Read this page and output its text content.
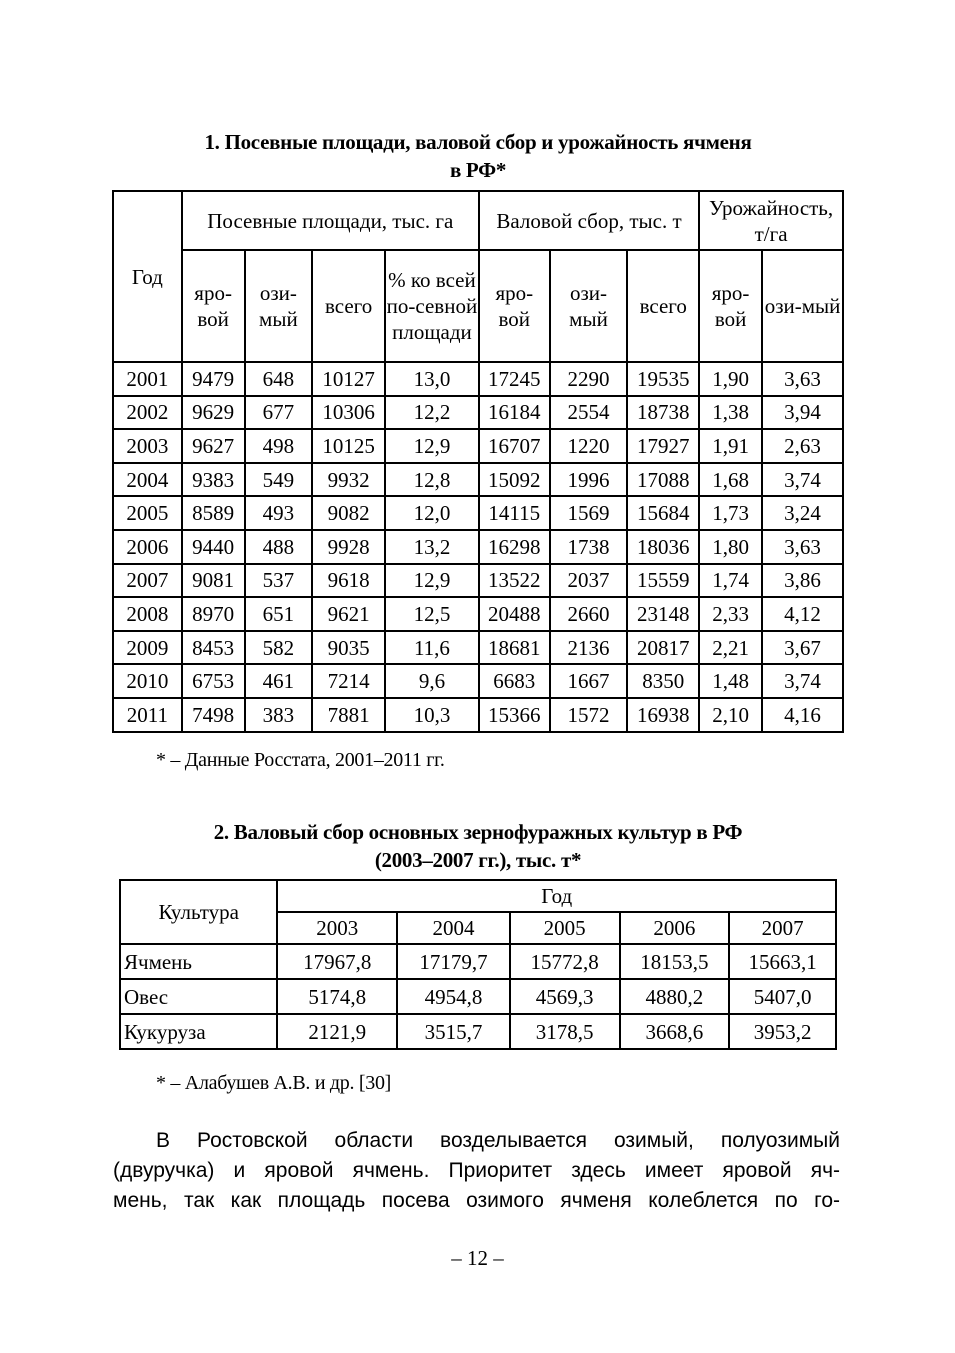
1. Посевные площади, валовой сбор и урожайность ячменя
в РФ*
Год	Посевные площади, тыс. га				Валовой сбор, тыс. т			Урожайность, т/га	
	яро-вой	ози-мый	всего	% ко всей по-севной площади	яро-вой	ози-мый	всего	яро-вой	ози-мый
2001	9479	648	10127	13,0	17245	2290	19535	1,90	3,63
2002	9629	677	10306	12,2	16184	2554	18738	1,38	3,94
2003	9627	498	10125	12,9	16707	1220	17927	1,91	2,63
2004	9383	549	9932	12,8	15092	1996	17088	1,68	3,74
2005	8589	493	9082	12,0	14115	1569	15684	1,73	3,24
2006	9440	488	9928	13,2	16298	1738	18036	1,80	3,63
2007	9081	537	9618	12,9	13522	2037	15559	1,74	3,86
2008	8970	651	9621	12,5	20488	2660	23148	2,33	4,12
2009	8453	582	9035	11,6	18681	2136	20817	2,21	3,67
2010	6753	461	7214	9,6	6683	1667	8350	1,48	3,74
2011	7498	383	7881	10,3	15366	1572	16938	2,10	4,16
* – Данные Росстата, 2001–2011 гг.
2. Валовый сбор основных зернофуражных культур в РФ
(2003–2007 гг.), тыс. т*
Культура	Год				
	2003	2004	2005	2006	2007
Ячмень	17967,8	17179,7	15772,8	18153,5	15663,1
Овес	5174,8	4954,8	4569,3	4880,2	5407,0
Кукуруза	2121,9	3515,7	3178,5	3668,6	3953,2
* – Алабушев А.В. и др. [30]
В Ростовской области возделывается озимый, полуозимый
(двуручка) и яровой ячмень. Приоритет здесь имеет яровой яч-
мень, так как площадь посева озимого ячменя колеблется по го-
– 12 –
